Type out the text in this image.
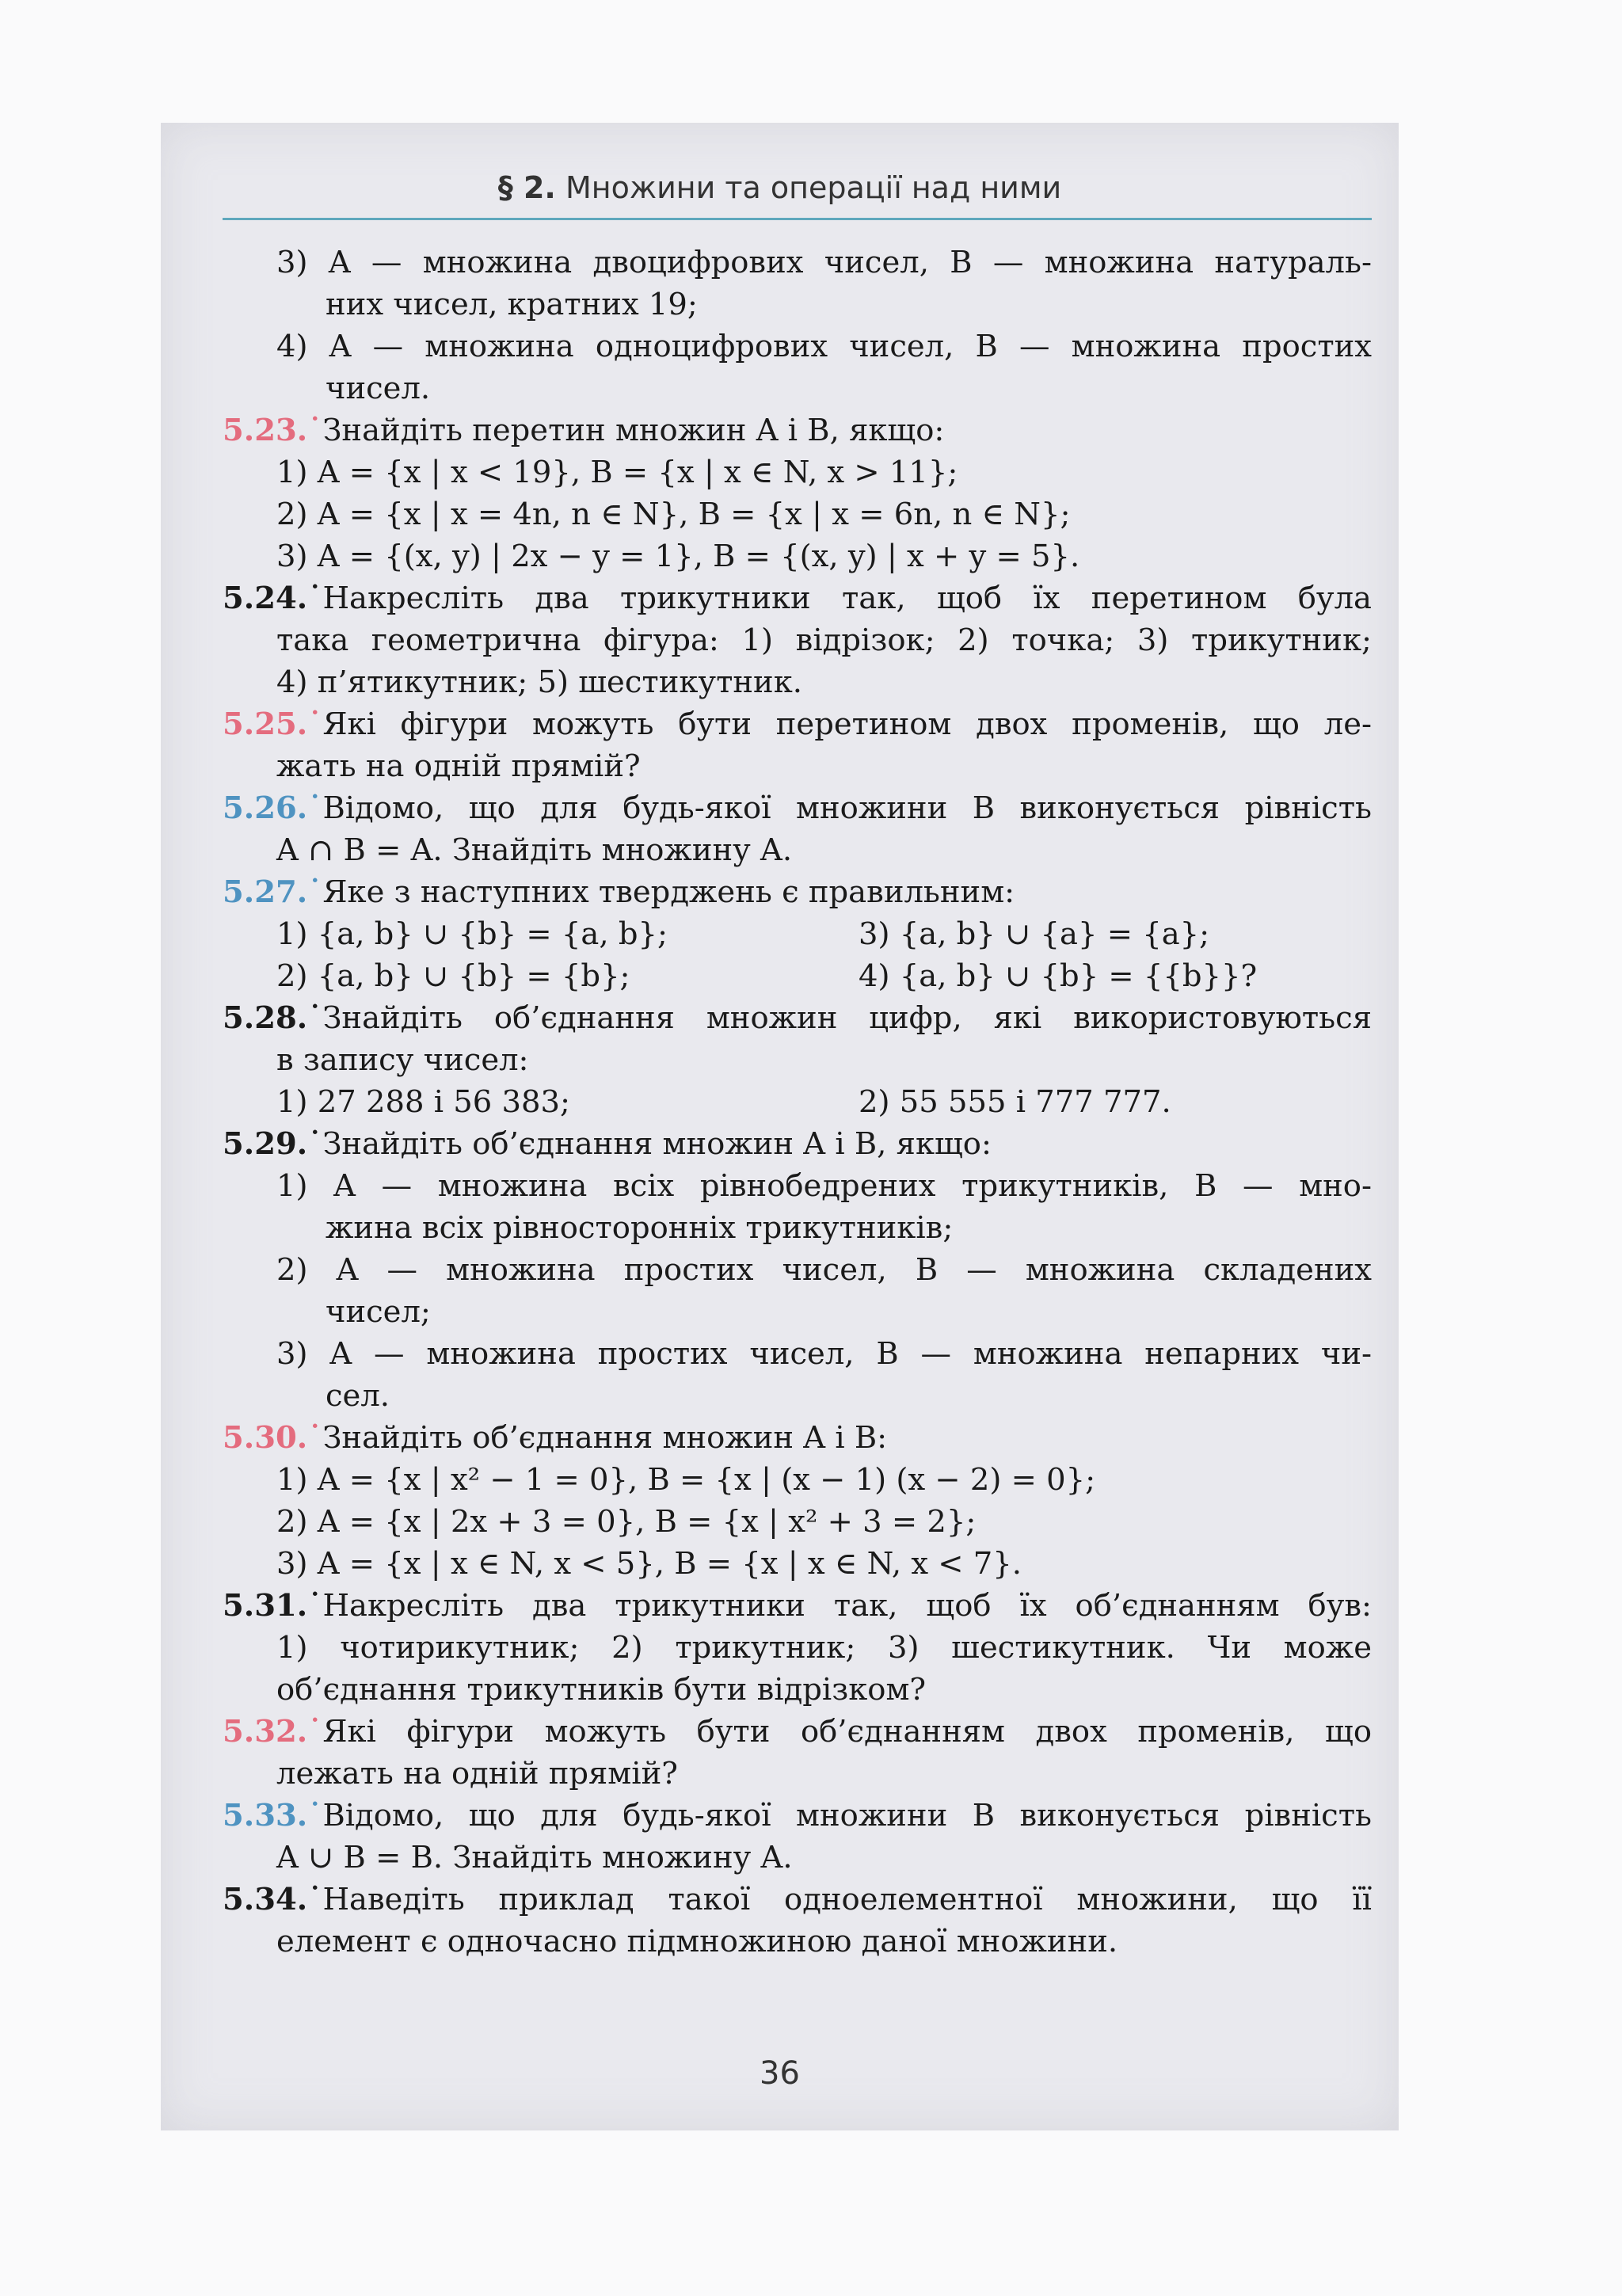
§ 2. Множини та операції над ними
3) A — множина двоцифрових чисел, B — множина натураль-
них чисел, кратних 19;
4) A — множина одноцифрових чисел, B — множина простих
чисел.
5.23.˙Знайдіть перетин множин A і B, якщо:
1) A = {x | x < 19}, B = {x | x ∈ N, x > 11};
2) A = {x | x = 4n, n ∈ N}, B = {x | x = 6n, n ∈ N};
3) A = {(x, y) | 2x − y = 1}, B = {(x, y) | x + y = 5}.
5.24.˙Накресліть два трикутники так, щоб їх перетином була
така геометрична фігура: 1) відрізок; 2) точка; 3) трикутник;
4) п’ятикутник; 5) шестикутник.
5.25.˙Які фігури можуть бути перетином двох променів, що ле-
жать на одній прямій?
5.26.˙Відомо, що для будь-якої множини B виконується рівність
A ∩ B = A. Знайдіть множину A.
5.27.˙Яке з наступних тверджень є правильним:
1) {a, b} ∪ {b} = {a, b};	3) {a, b} ∪ {a} = {a};
2) {a, b} ∪ {b} = {b};	4) {a, b} ∪ {b} = {{b}}?
5.28.˙Знайдіть об’єднання множин цифр, які використовуються
в запису чисел:
1) 27 288 і 56 383;	2) 55 555 і 777 777.
5.29.˙Знайдіть об’єднання множин A і B, якщо:
1) A — множина всіх рівнобедрених трикутників, B — мно-
жина всіх рівносторонніх трикутників;
2) A — множина простих чисел, B — множина складених
чисел;
3) A — множина простих чисел, B — множина непарних чи-
сел.
5.30.˙Знайдіть об’єднання множин A і B:
1) A = {x | x² − 1 = 0}, B = {x | (x − 1) (x − 2) = 0};
2) A = {x | 2x + 3 = 0}, B = {x | x² + 3 = 2};
3) A = {x | x ∈ N, x < 5}, B = {x | x ∈ N, x < 7}.
5.31.˙Накресліть два трикутники так, щоб їх об’єднанням був:
1) чотирикутник; 2) трикутник; 3) шестикутник. Чи може
об’єднання трикутників бути відрізком?
5.32.˙Які фігури можуть бути об’єднанням двох променів, що
лежать на одній прямій?
5.33.˙Відомо, що для будь-якої множини B виконується рівність
A ∪ B = B. Знайдіть множину A.
5.34.˙Наведіть приклад такої одноелементної множини, що її
елемент є одночасно підмножиною даної множини.
36
